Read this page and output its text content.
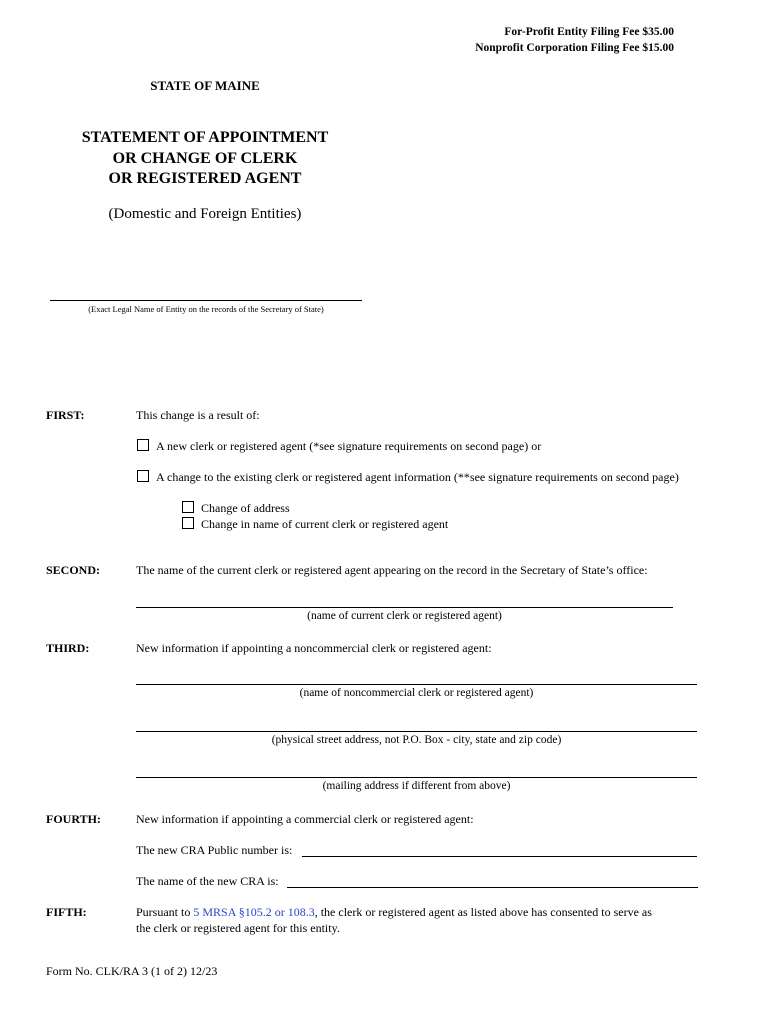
For-Profit Entity Filing Fee $35.00
Nonprofit Corporation Filing Fee $15.00
STATE OF MAINE
STATEMENT OF APPOINTMENT
OR CHANGE OF CLERK
OR REGISTERED AGENT
(Domestic and Foreign Entities)
(Exact Legal Name of Entity on the records of the Secretary of State)
FIRST:	This change is a result of:
A new clerk or registered agent (*see signature requirements on second page) or
A change to the existing clerk or registered agent information (**see signature requirements on second page)
Change of address
Change in name of current clerk or registered agent
SECOND:	The name of the current clerk or registered agent appearing on the record in the Secretary of State’s office:
(name of current clerk or registered agent)
THIRD:	New information if appointing a noncommercial clerk or registered agent:
(name of noncommercial clerk or registered agent)
(physical street address, not P.O. Box - city, state and zip code)
(mailing address if different from above)
FOURTH:	New information if appointing a commercial clerk or registered agent:
The new CRA Public number is:
The name of the new CRA is:
FIFTH:	Pursuant to 5 MRSA §105.2 or 108.3, the clerk or registered agent as listed above has consented to serve as
the clerk or registered agent for this entity.
Form No. CLK/RA 3 (1 of 2) 12/23
